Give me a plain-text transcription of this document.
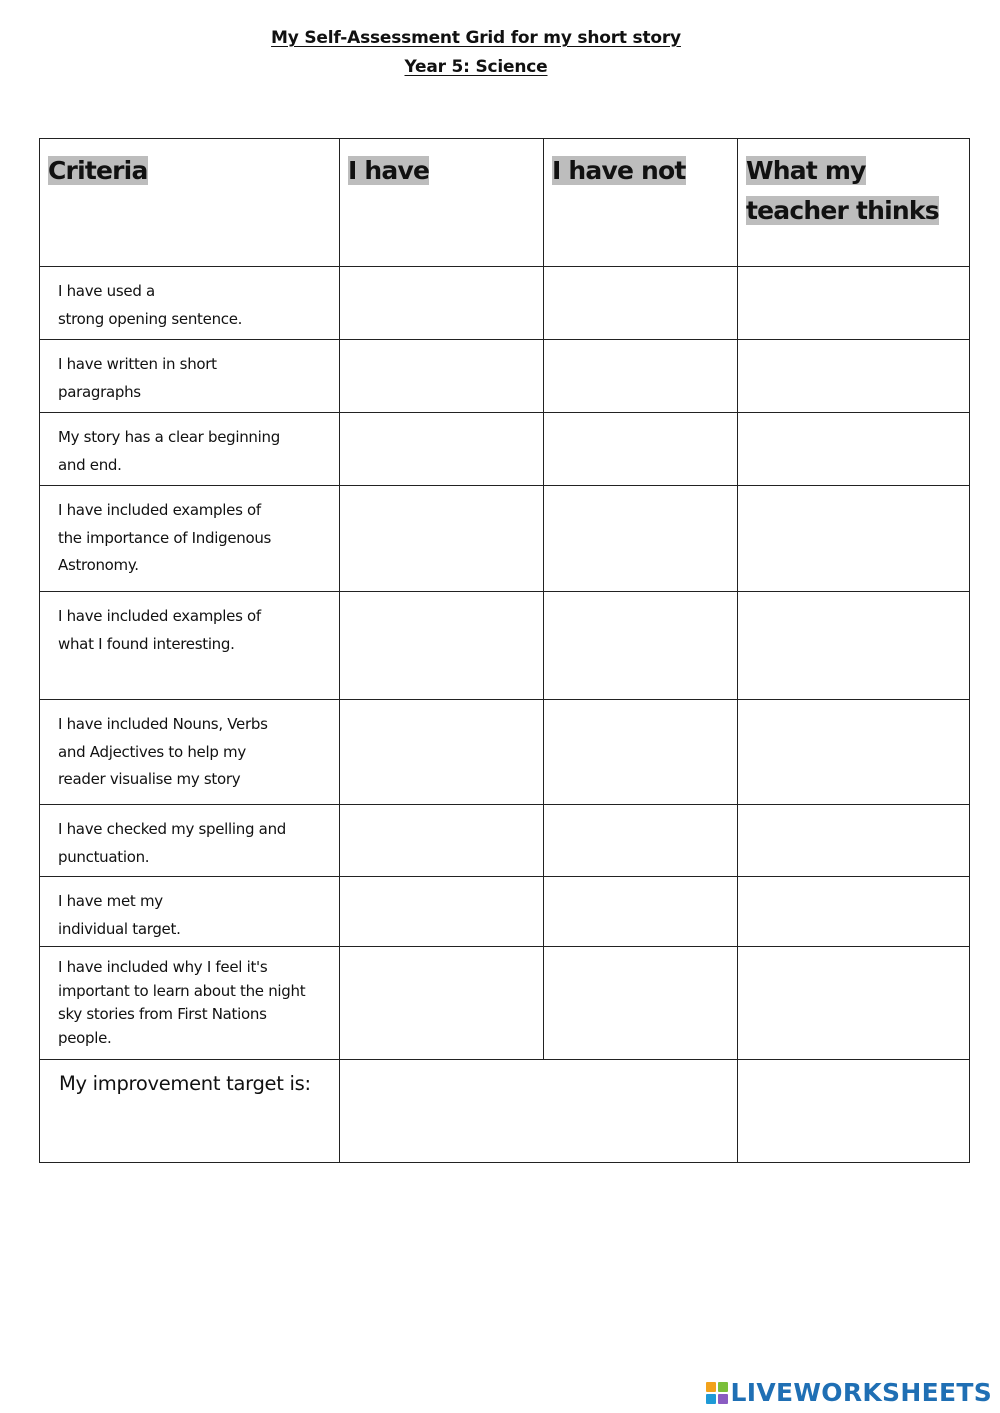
My Self-Assessment Grid for my short story
Year 5: Science
Criteria	I have	I have not	What my teacher thinks

I have used a
strong opening sentence.			

I have written in short
paragraphs			

My story has a clear beginning
and end.			

I have included examples of
the importance of Indigenous
Astronomy.			

I have included examples of
what I found interesting.			

I have included Nouns, Verbs
and Adjectives to help my
reader visualise my story			

I have checked my spelling and
punctuation.			

I have met my
individual target.			

I have included why I feel it's
important to learn about the night
sky stories from First Nations
people.			

My improvement target is:			

LIVEWORKSHEETS
